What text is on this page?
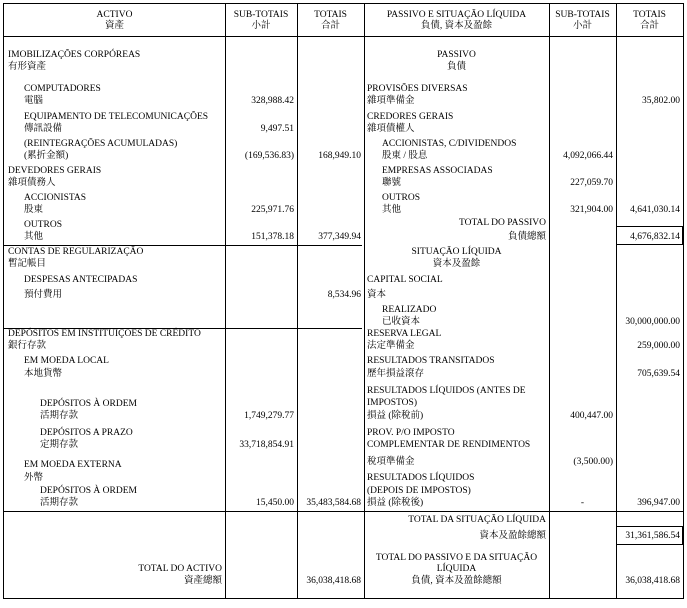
ACTIVO
資產
SUB-TOTAIS
小計
TOTAIS
合計
PASSIVO E SITUAÇÃO LÍQUIDA
負債, 資本及盈餘
SUB-TOTAIS
小計
TOTAIS
合計
IMOBILIZAÇÕES CORPÓREAS
有形資產
COMPUTADORES
電腦	328,988.42
EQUIPAMENTO DE TELECOMUNICAÇÕES
傳訊設備	9,497.51
(REINTEGRAÇÕES ACUMULADAS)
(累折金額)	(169,536.83)	168,949.10
DEVEDORES GERAIS
雜項債務人
ACCIONISTAS
股東	225,971.76
OUTROS
其他	151,378.18	377,349.94
CONTAS DE REGULARIZAÇÃO
暫記帳目
DESPESAS ANTECIPADAS
預付費用	8,534.96
DEPÓSITOS EM INSTITUIÇÕES DE CRÉDITO
銀行存款
EM MOEDA LOCAL
本地貨幣
DEPÓSITOS À ORDEM
活期存款	1,749,279.77
DEPÓSITOS A PRAZO
定期存款	33,718,854.91
EM MOEDA EXTERNA
外幣
DEPÓSITOS À ORDEM
活期存款	15,450.00	35,483,584.68
TOTAL DO ACTIVO
資產總額	36,038,418.68
PASSIVO
負債
PROVISÕES DIVERSAS
雜項準備金	35,802.00
CREDORES GERAIS
雜項債權人
ACCIONISTAS, C/DIVIDENDOS
股東 / 股息	4,092,066.44
EMPRESAS ASSOCIADAS
聯號	227,059.70
OUTROS
其他	321,904.00	4,641,030.14
TOTAL DO PASSIVO
負債總額	4,676,832.14
SITUAÇÃO LÍQUIDA
資本及盈餘
CAPITAL SOCIAL
資本
REALIZADO
已收資本	30,000,000.00
RESERVA LEGAL
法定準備金	259,000.00
RESULTADOS TRANSITADOS
歷年損益滾存	705,639.54
RESULTADOS LÍQUIDOS (ANTES DE
IMPOSTOS)
損益 (除稅前)	400,447.00
PROV. P/O IMPOSTO
COMPLEMENTAR DE RENDIMENTOS
稅項準備金	(3,500.00)
RESULTADOS LÍQUIDOS
(DEPOIS DE IMPOSTOS)
損益 (除稅後)	-	396,947.00
TOTAL DA SITUAÇÃO LÍQUIDA
資本及盈餘總額	31,361,586.54
TOTAL DO PASSIVO E DA SITUAÇÃO
LÍQUIDA
負債, 資本及盈餘總額	36,038,418.68
